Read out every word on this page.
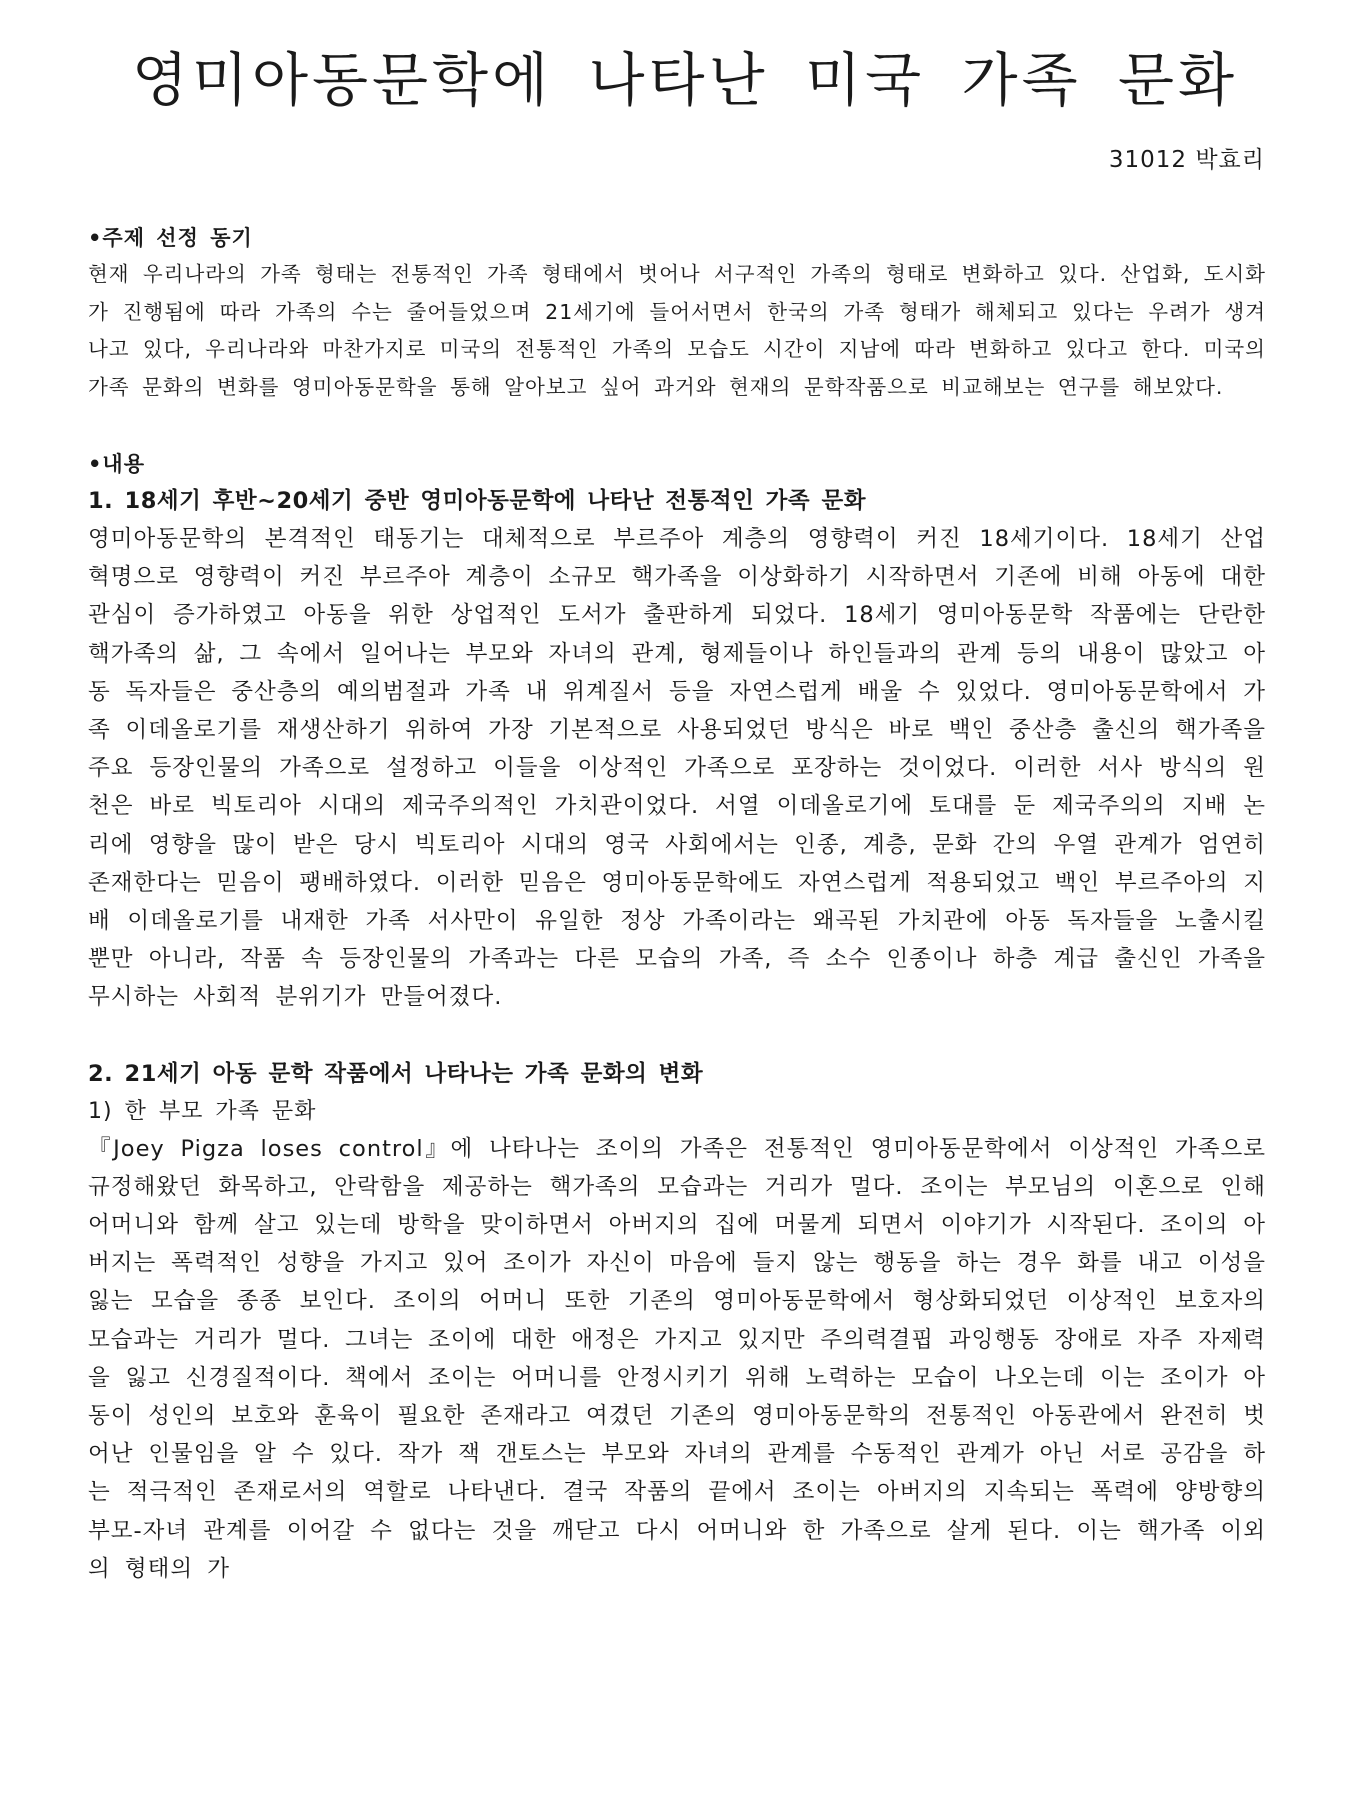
영미아동문학에 나타난 미국 가족 문화
31012 박효리

•주제 선정 동기

현재 우리나라의 가족 형태는 전통적인 가족 형태에서 벗어나 서구적인 가족의 형태로 변화하고 있다. 산업화, 도시화가 진행됨에 따라 가족의 수는 줄어들었으며 21세기에 들어서면서 한국의 가족 형태가 해체되고 있다는 우려가 생겨나고 있다, 우리나라와 마찬가지로 미국의 전통적인 가족의 모습도 시간이 지남에 따라 변화하고 있다고 한다. 미국의 가족 문화의 변화를 영미아동문학을 통해 알아보고 싶어 과거와 현재의 문학작품으로 비교해보는 연구를 해보았다.

•내용

1. 18세기 후반~20세기 중반 영미아동문학에 나타난 전통적인 가족 문화

영미아동문학의 본격적인 태동기는 대체적으로 부르주아 계층의 영향력이 커진 18세기이다. 18세기 산업 혁명으로 영향력이 커진 부르주아 계층이 소규모 핵가족을 이상화하기 시작하면서 기존에 비해 아동에 대한 관심이 증가하였고 아동을 위한 상업적인 도서가 출판하게 되었다. 18세기 영미아동문학 작품에는 단란한 핵가족의 삶, 그 속에서 일어나는 부모와 자녀의 관계, 형제들이나 하인들과의 관계 등의 내용이 많았고 아동 독자들은 중산층의 예의범절과 가족 내 위계질서 등을 자연스럽게 배울 수 있었다. 영미아동문학에서 가족 이데올로기를 재생산하기 위하여 가장 기본적으로 사용되었던 방식은 바로 백인 중산층 출신의 핵가족을 주요 등장인물의 가족으로 설정하고 이들을 이상적인 가족으로 포장하는 것이었다. 이러한 서사 방식의 원천은 바로 빅토리아 시대의 제국주의적인 가치관이었다. 서열 이데올로기에 토대를 둔 제국주의의 지배 논리에 영향을 많이 받은 당시 빅토리아 시대의 영국 사회에서는 인종, 계층, 문화 간의 우열 관계가 엄연히 존재한다는 믿음이 팽배하였다. 이러한 믿음은 영미아동문학에도 자연스럽게 적용되었고 백인 부르주아의 지배 이데올로기를 내재한 가족 서사만이 유일한 정상 가족이라는 왜곡된 가치관에 아동 독자들을 노출시킬 뿐만 아니라, 작품 속 등장인물의 가족과는 다른 모습의 가족, 즉 소수 인종이나 하층 계급 출신인 가족을 무시하는 사회적 분위기가 만들어졌다.

2. 21세기 아동 문학 작품에서 나타나는 가족 문화의 변화

1) 한 부모 가족 문화

『Joey Pigza loses control』에 나타나는 조이의 가족은 전통적인 영미아동문학에서 이상적인 가족으로 규정해왔던 화목하고, 안락함을 제공하는 핵가족의 모습과는 거리가 멀다. 조이는 부모님의 이혼으로 인해 어머니와 함께 살고 있는데 방학을 맞이하면서 아버지의 집에 머물게 되면서 이야기가 시작된다. 조이의 아버지는 폭력적인 성향을 가지고 있어 조이가 자신이 마음에 들지 않는 행동을 하는 경우 화를 내고 이성을 잃는 모습을 종종 보인다. 조이의 어머니 또한 기존의 영미아동문학에서 형상화되었던 이상적인 보호자의 모습과는 거리가 멀다. 그녀는 조이에 대한 애정은 가지고 있지만 주의력결핍 과잉행동 장애로 자주 자제력을 잃고 신경질적이다. 책에서 조이는 어머니를 안정시키기 위해 노력하는 모습이 나오는데 이는 조이가 아동이 성인의 보호와 훈육이 필요한 존재라고 여겼던 기존의 영미아동문학의 전통적인 아동관에서 완전히 벗어난 인물임을 알 수 있다. 작가 잭 갠토스는 부모와 자녀의 관계를 수동적인 관계가 아닌 서로 공감을 하는 적극적인 존재로서의 역할로 나타낸다. 결국 작품의 끝에서 조이는 아버지의 지속되는 폭력에 양방향의 부모-자녀 관계를 이어갈 수 없다는 것을 깨닫고 다시 어머니와 한 가족으로 살게 된다. 이는 핵가족 이외의 형태의 가
